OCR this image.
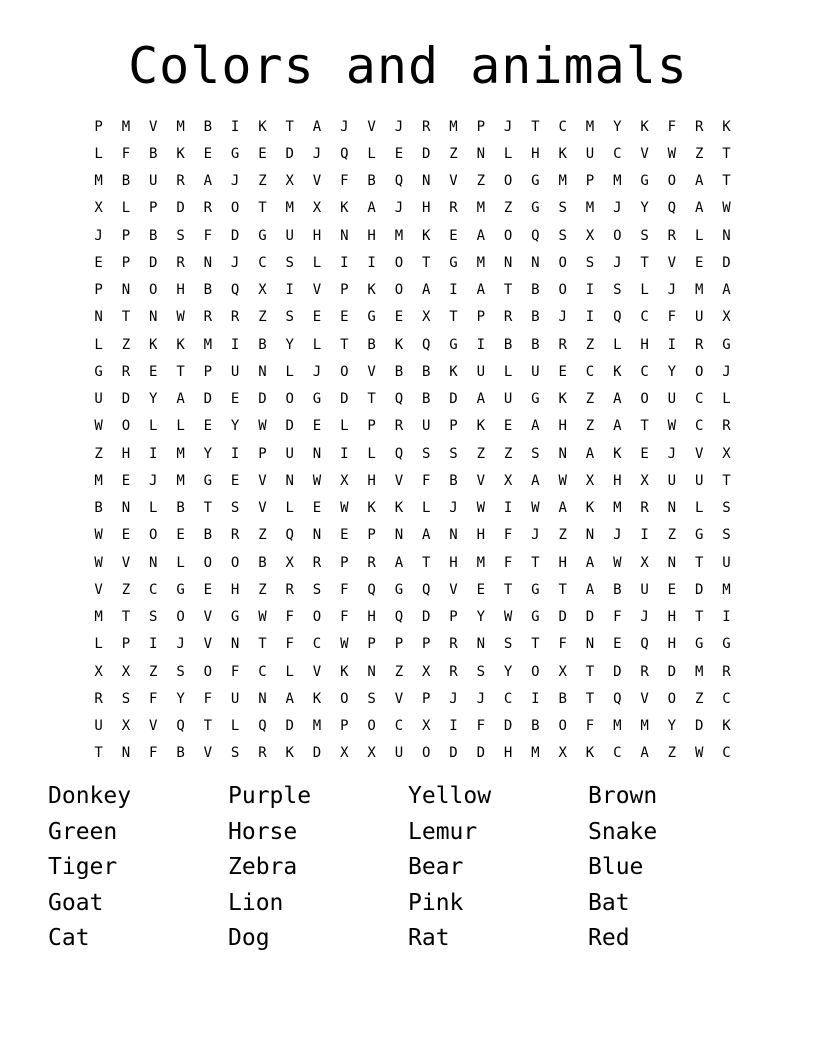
Colors and animals
P	M	V	M	B	I	K	T	A	J	V	J	R	M	P	J	T	C	M	Y	K	F	R	K
L	F	B	K	E	G	E	D	J	Q	L	E	D	Z	N	L	H	K	U	C	V	W	Z	T
M	B	U	R	A	J	Z	X	V	F	B	Q	N	V	Z	O	G	M	P	M	G	O	A	T
X	L	P	D	R	O	T	M	X	K	A	J	H	R	M	Z	G	S	M	J	Y	Q	A	W
J	P	B	S	F	D	G	U	H	N	H	M	K	E	A	O	Q	S	X	O	S	R	L	N
E	P	D	R	N	J	C	S	L	I	I	O	T	G	M	N	N	O	S	J	T	V	E	D
P	N	O	H	B	Q	X	I	V	P	K	O	A	I	A	T	B	O	I	S	L	J	M	A
N	T	N	W	R	R	Z	S	E	E	G	E	X	T	P	R	B	J	I	Q	C	F	U	X
L	Z	K	K	M	I	B	Y	L	T	B	K	Q	G	I	B	B	R	Z	L	H	I	R	G
G	R	E	T	P	U	N	L	J	O	V	B	B	K	U	L	U	E	C	K	C	Y	O	J
U	D	Y	A	D	E	D	O	G	D	T	Q	B	D	A	U	G	K	Z	A	O	U	C	L
W	O	L	L	E	Y	W	D	E	L	P	R	U	P	K	E	A	H	Z	A	T	W	C	R
Z	H	I	M	Y	I	P	U	N	I	L	Q	S	S	Z	Z	S	N	A	K	E	J	V	X
M	E	J	M	G	E	V	N	W	X	H	V	F	B	V	X	A	W	X	H	X	U	U	T
B	N	L	B	T	S	V	L	E	W	K	K	L	J	W	I	W	A	K	M	R	N	L	S
W	E	O	E	B	R	Z	Q	N	E	P	N	A	N	H	F	J	Z	N	J	I	Z	G	S
W	V	N	L	O	O	B	X	R	P	R	A	T	H	M	F	T	H	A	W	X	N	T	U
V	Z	C	G	E	H	Z	R	S	F	Q	G	Q	V	E	T	G	T	A	B	U	E	D	M
M	T	S	O	V	G	W	F	O	F	H	Q	D	P	Y	W	G	D	D	F	J	H	T	I
L	P	I	J	V	N	T	F	C	W	P	P	P	R	N	S	T	F	N	E	Q	H	G	G
X	X	Z	S	O	F	C	L	V	K	N	Z	X	R	S	Y	O	X	T	D	R	D	M	R
R	S	F	Y	F	U	N	A	K	O	S	V	P	J	J	C	I	B	T	Q	V	O	Z	C
U	X	V	Q	T	L	Q	D	M	P	O	C	X	I	F	D	B	O	F	M	M	Y	D	K
T	N	F	B	V	S	R	K	D	X	X	U	O	D	D	H	M	X	K	C	A	Z	W	C
Donkey	Purple	Yellow	Brown
Green	Horse	Lemur	Snake
Tiger	Zebra	Bear	Blue
Goat	Lion	Pink	Bat
Cat	Dog	Rat	Red
